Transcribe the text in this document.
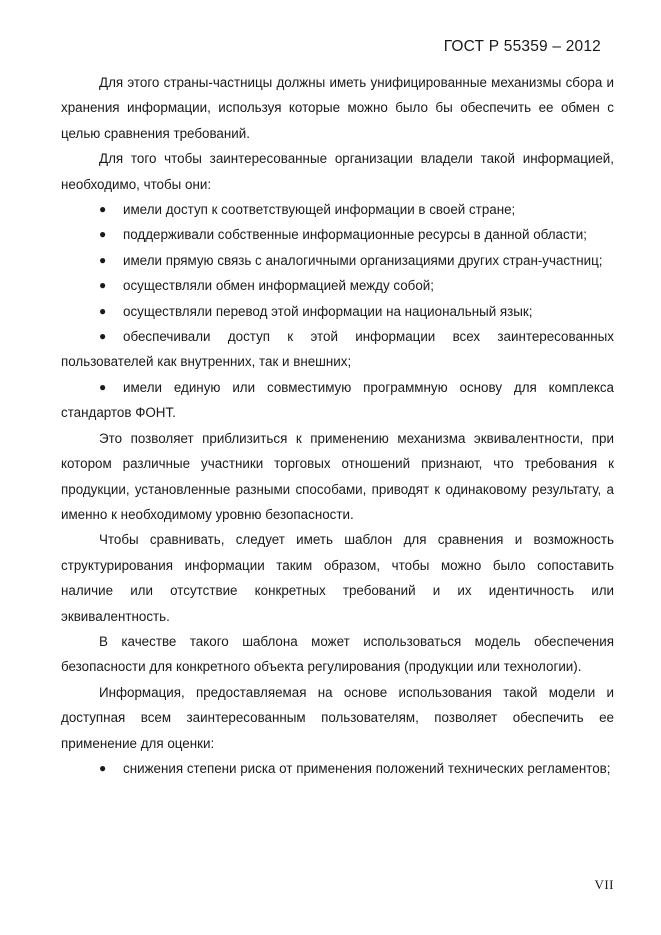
ГОСТ Р 55359 – 2012

Для этого страны-частницы должны иметь унифицированные механизмы сбора и хранения информации, используя которые можно было бы обеспечить ее обмен с целью сравнения требований.

Для того чтобы заинтересованные организации владели такой информацией, необходимо, чтобы они:

● имели доступ к соответствующей информации в своей стране;
● поддерживали собственные информационные ресурсы в данной области;
● имели прямую связь с аналогичными организациями других стран-участниц;
● осуществляли обмен информацией между собой;
● осуществляли перевод этой информации на национальный язык;
● обеспечивали доступ к этой информации всех заинтересованных пользователей как внутренних, так и внешних;
● имели единую или совместимую программную основу для комплекса стандартов ФОНТ.

Это позволяет приблизиться к применению механизма эквивалентности, при котором различные участники торговых отношений признают, что требования к продукции, установленные разными способами, приводят к одинаковому результату, а именно к необходимому уровню безопасности.

Чтобы сравнивать, следует иметь шаблон для сравнения и возможность структурирования информации таким образом, чтобы можно было сопоставить наличие или отсутствие конкретных требований и их идентичность или эквивалентность.

В качестве такого шаблона может использоваться модель обеспечения безопасности для конкретного объекта регулирования (продукции или технологии).

Информация, предоставляемая на основе использования такой модели и доступная всем заинтересованным пользователям, позволяет обеспечить ее применение для оценки:

● снижения степени риска от применения положений технических регламентов;
VII
